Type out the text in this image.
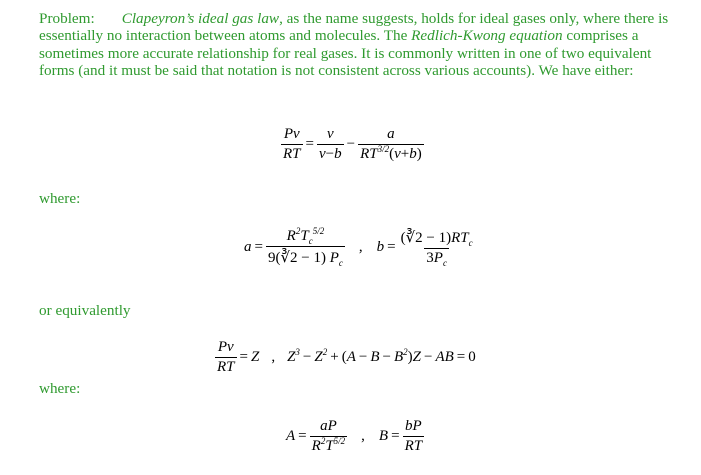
Problem: Clapeyron’s ideal gas law, as the name suggests, holds for ideal gases only, where there is essentially no interaction between atoms and molecules. The Redlich-Kwong equation comprises a sometimes more accurate relationship for real gases. It is commonly written in one of two equivalent forms (and it must be said that notation is not consistent across various accounts). We have either:
$\frac{Pv}{RT} = \frac{v}{v-b} - \frac{a}{RT^{3/2}(v+b)}$
where:
$a = \frac{R^2T_c^{5/2}}{9(∛2 - 1) P_c}$ , $b = \frac{(∛2 - 1)RT_c}{3P_c}$
or equivalently
$\frac{Pv}{RT} = Z$ , $Z^3 - Z^2$ + ( $A - B - B^2$ ) Z − AB = 0
where:
$A = \frac{aP}{R^2T^{5/2}}$ , $B = \frac{bP}{RT}$
